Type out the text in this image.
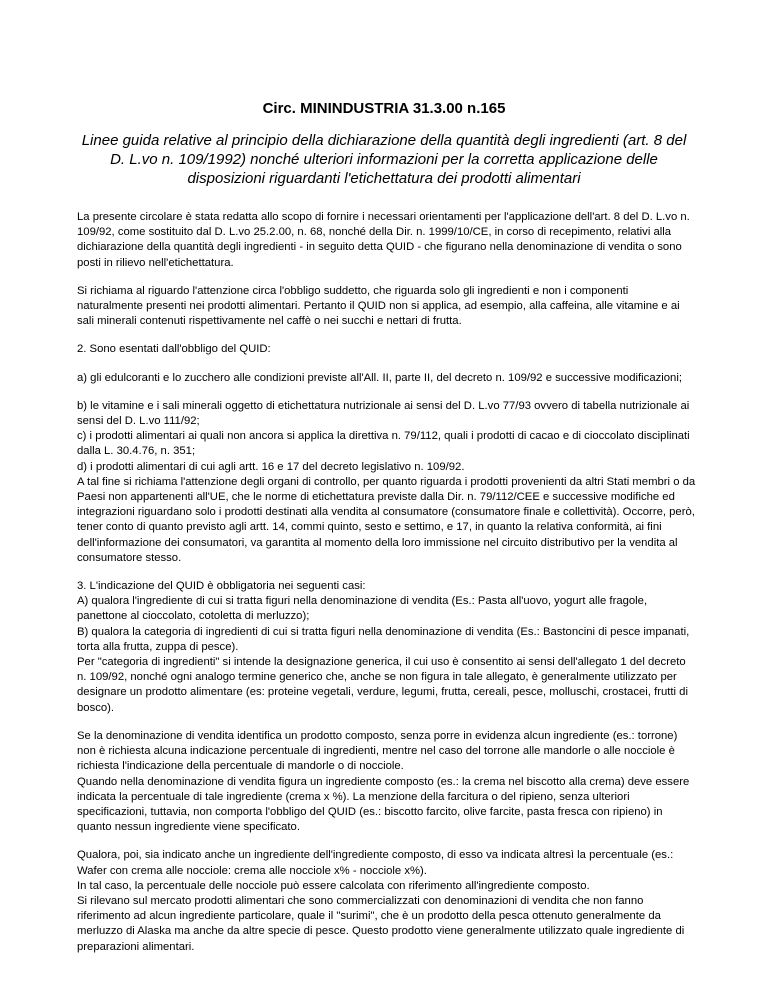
Circ. MININDUSTRIA 31.3.00 n.165
Linee guida relative al principio della dichiarazione della quantità degli ingredienti (art. 8 del D. L.vo n. 109/1992) nonché ulteriori informazioni per la corretta applicazione delle disposizioni riguardanti l'etichettatura dei prodotti alimentari

La presente circolare è stata redatta allo scopo di fornire i necessari orientamenti per l'applicazione dell'art. 8 del D. L.vo n. 109/92, come sostituito dal D. L.vo 25.2.00, n. 68, nonché della Dir. n. 1999/10/CE, in corso di recepimento, relativi alla dichiarazione della quantità degli ingredienti - in seguito detta QUID - che figurano nella denominazione di vendita o sono posti in rilievo nell'etichettatura.

Si richiama al riguardo l'attenzione circa l'obbligo suddetto, che riguarda solo gli ingredienti e non i componenti naturalmente presenti nei prodotti alimentari. Pertanto il QUID non si applica, ad esempio, alla caffeina, alle vitamine e ai sali minerali contenuti rispettivamente nel caffè o nei succhi e nettari di frutta.

2. Sono esentati dall'obbligo del QUID:

a) gli edulcoranti e lo zucchero alle condizioni previste all'All. II, parte II, del decreto n. 109/92 e successive modificazioni;

b) le vitamine e i sali minerali oggetto di etichettatura nutrizionale ai sensi del D. L.vo 77/93 ovvero di tabella nutrizionale ai sensi del D. L.vo 111/92;
c) i prodotti alimentari ai quali non ancora si applica la direttiva n. 79/112, quali i prodotti di cacao e di cioccolato disciplinati dalla L. 30.4.76, n. 351;
d) i prodotti alimentari di cui agli artt. 16 e 17 del decreto legislativo n. 109/92.
A tal fine si richiama l'attenzione degli organi di controllo, per quanto riguarda i prodotti provenienti da altri Stati membri o da Paesi non appartenenti all'UE, che le norme di etichettatura previste dalla Dir. n. 79/112/CEE e successive modifiche ed integrazioni riguardano solo i prodotti destinati alla vendita al consumatore (consumatore finale e collettività). Occorre, però, tener conto di quanto previsto agli artt. 14, commi quinto, sesto e settimo, e 17, in quanto la relativa conformità, ai fini dell'informazione dei consumatori, va garantita al momento della loro immissione nel circuito distributivo per la vendita al consumatore stesso.

3. L'indicazione del QUID è obbligatoria nei seguenti casi:
A) qualora l'ingrediente di cui si tratta figuri nella denominazione di vendita (Es.: Pasta all'uovo, yogurt alle fragole, panettone al cioccolato, cotoletta di merluzzo);
B) qualora la categoria di ingredienti di cui si tratta figuri nella denominazione di vendita (Es.: Bastoncini di pesce impanati, torta alla frutta, zuppa di pesce).
Per "categoria di ingredienti" si intende la designazione generica, il cui uso è consentito ai sensi dell'allegato 1 del decreto n. 109/92, nonché ogni analogo termine generico che, anche se non figura in tale allegato, è generalmente utilizzato per designare un prodotto alimentare (es: proteine vegetali, verdure, legumi, frutta, cereali, pesce, molluschi, crostacei, frutti di bosco).

Se la denominazione di vendita identifica un prodotto composto, senza porre in evidenza alcun ingrediente (es.: torrone) non è richiesta alcuna indicazione percentuale di ingredienti, mentre nel caso del torrone alle mandorle o alle nocciole è richiesta l'indicazione della percentuale di mandorle o di nocciole.
Quando nella denominazione di vendita figura un ingrediente composto (es.: la crema nel biscotto alla crema) deve essere indicata la percentuale di tale ingrediente (crema x %). La menzione della farcitura o del ripieno, senza ulteriori specificazioni, tuttavia, non comporta l'obbligo del QUID (es.: biscotto farcito, olive farcite, pasta fresca con ripieno) in quanto nessun ingrediente viene specificato.

Qualora, poi, sia indicato anche un ingrediente dell'ingrediente composto, di esso va indicata altresì la percentuale (es.: Wafer con crema alle nocciole: crema alle nocciole x% - nocciole x%).
In tal caso, la percentuale delle nocciole può essere calcolata con riferimento all'ingrediente composto.
Si rilevano sul mercato prodotti alimentari che sono commercializzati con denominazioni di vendita che non fanno riferimento ad alcun ingrediente particolare, quale il "surimi", che è un prodotto della pesca ottenuto generalmente da merluzzo di Alaska ma anche da altre specie di pesce. Questo prodotto viene generalmente utilizzato quale ingrediente di preparazioni alimentari.
